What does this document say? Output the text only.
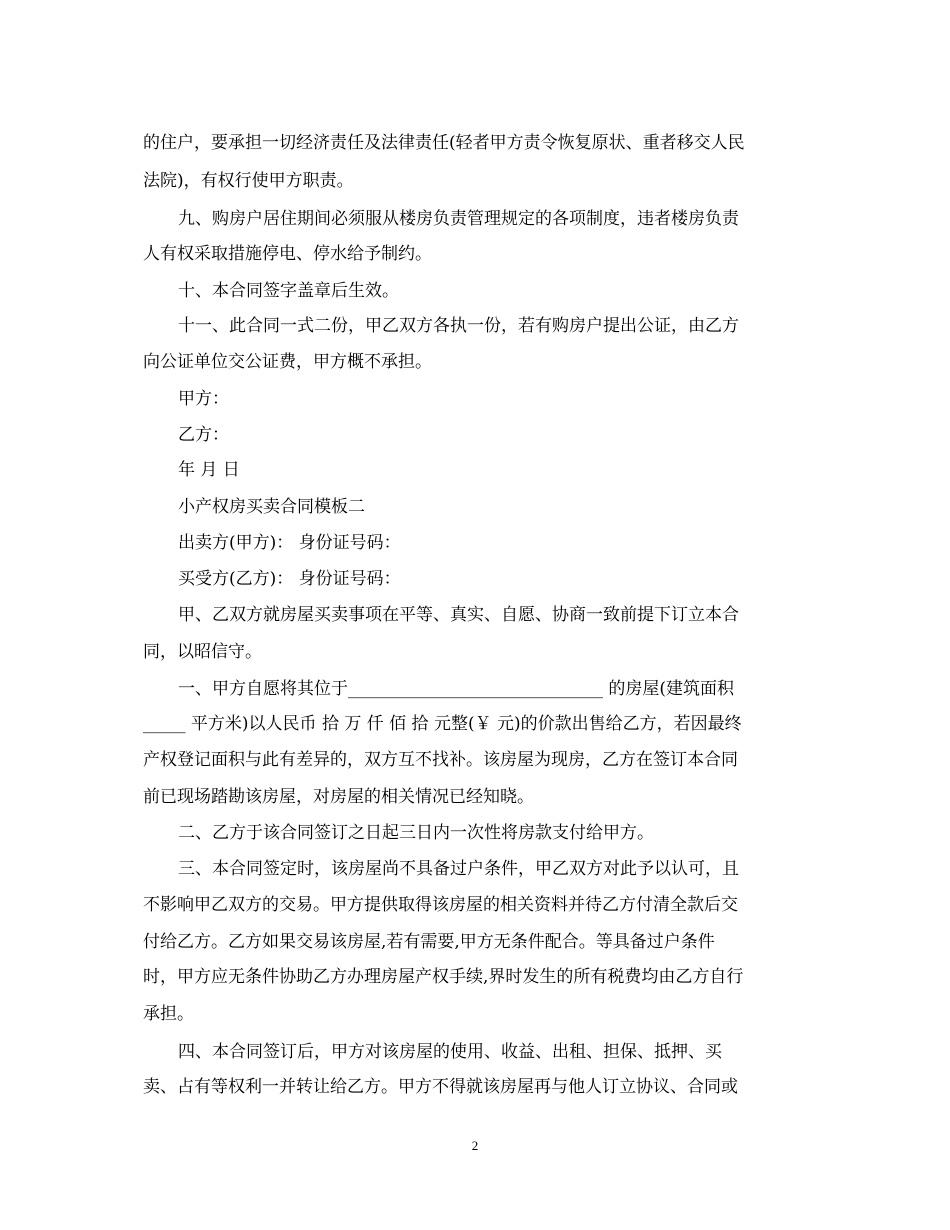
的住户，要承担一切经济责任及法律责任(轻者甲方责令恢复原状、重者移交人民
法院)，有权行使甲方职责。
九、购房户居住期间必须服从楼房负责管理规定的各项制度，违者楼房负责
人有权采取措施停电、停水给予制约。
十、本合同签字盖章后生效。
十一、此合同一式二份，甲乙双方各执一份，若有购房户提出公证，由乙方
向公证单位交公证费，甲方概不承担。
甲方：
乙方：
年 月 日
小产权房买卖合同模板二
出卖方(甲方)： 身份证号码：
买受方(乙方)： 身份证号码：
甲、乙双方就房屋买卖事项在平等、真实、自愿、协商一致前提下订立本合
同，以昭信守。
一、甲方自愿将其位于______________________________ 的房屋(建筑面积
_____ 平方米)以人民币 拾 万 仟 佰 拾 元整(￥ 元)的价款出售给乙方，若因最终
产权登记面积与此有差异的，双方互不找补。该房屋为现房，乙方在签订本合同
前已现场踏勘该房屋，对房屋的相关情况已经知晓。
二、乙方于该合同签订之日起三日内一次性将房款支付给甲方。
三、本合同签定时，该房屋尚不具备过户条件，甲乙双方对此予以认可，且
不影响甲乙双方的交易。甲方提供取得该房屋的相关资料并待乙方付清全款后交
付给乙方。乙方如果交易该房屋,若有需要,甲方无条件配合。等具备过户条件
时，甲方应无条件协助乙方办理房屋产权手续,界时发生的所有税费均由乙方自行
承担。
四、本合同签订后，甲方对该房屋的使用、收益、出租、担保、抵押、买
卖、占有等权利一并转让给乙方。甲方不得就该房屋再与他人订立协议、合同或
2
